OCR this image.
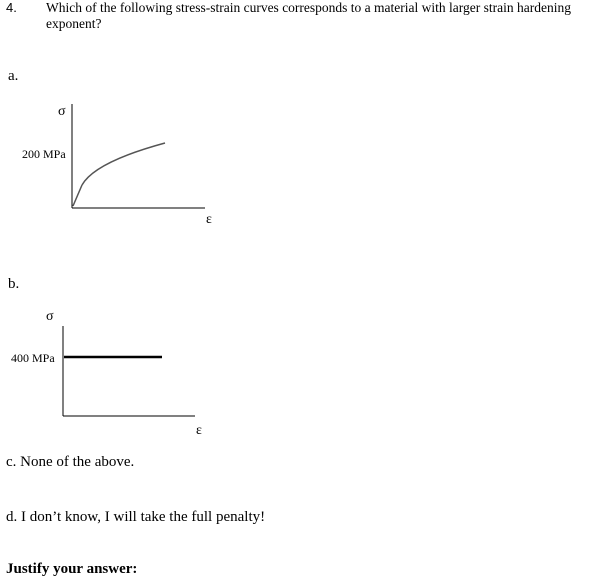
4. Which of the following stress-strain curves corresponds to a material with larger strain hardening exponent?
a.
σ
200 MPa
ε
b.
σ
400 MPa
ε
c. None of the above.
d. I don’t know, I will take the full penalty!
Justify your answer:
